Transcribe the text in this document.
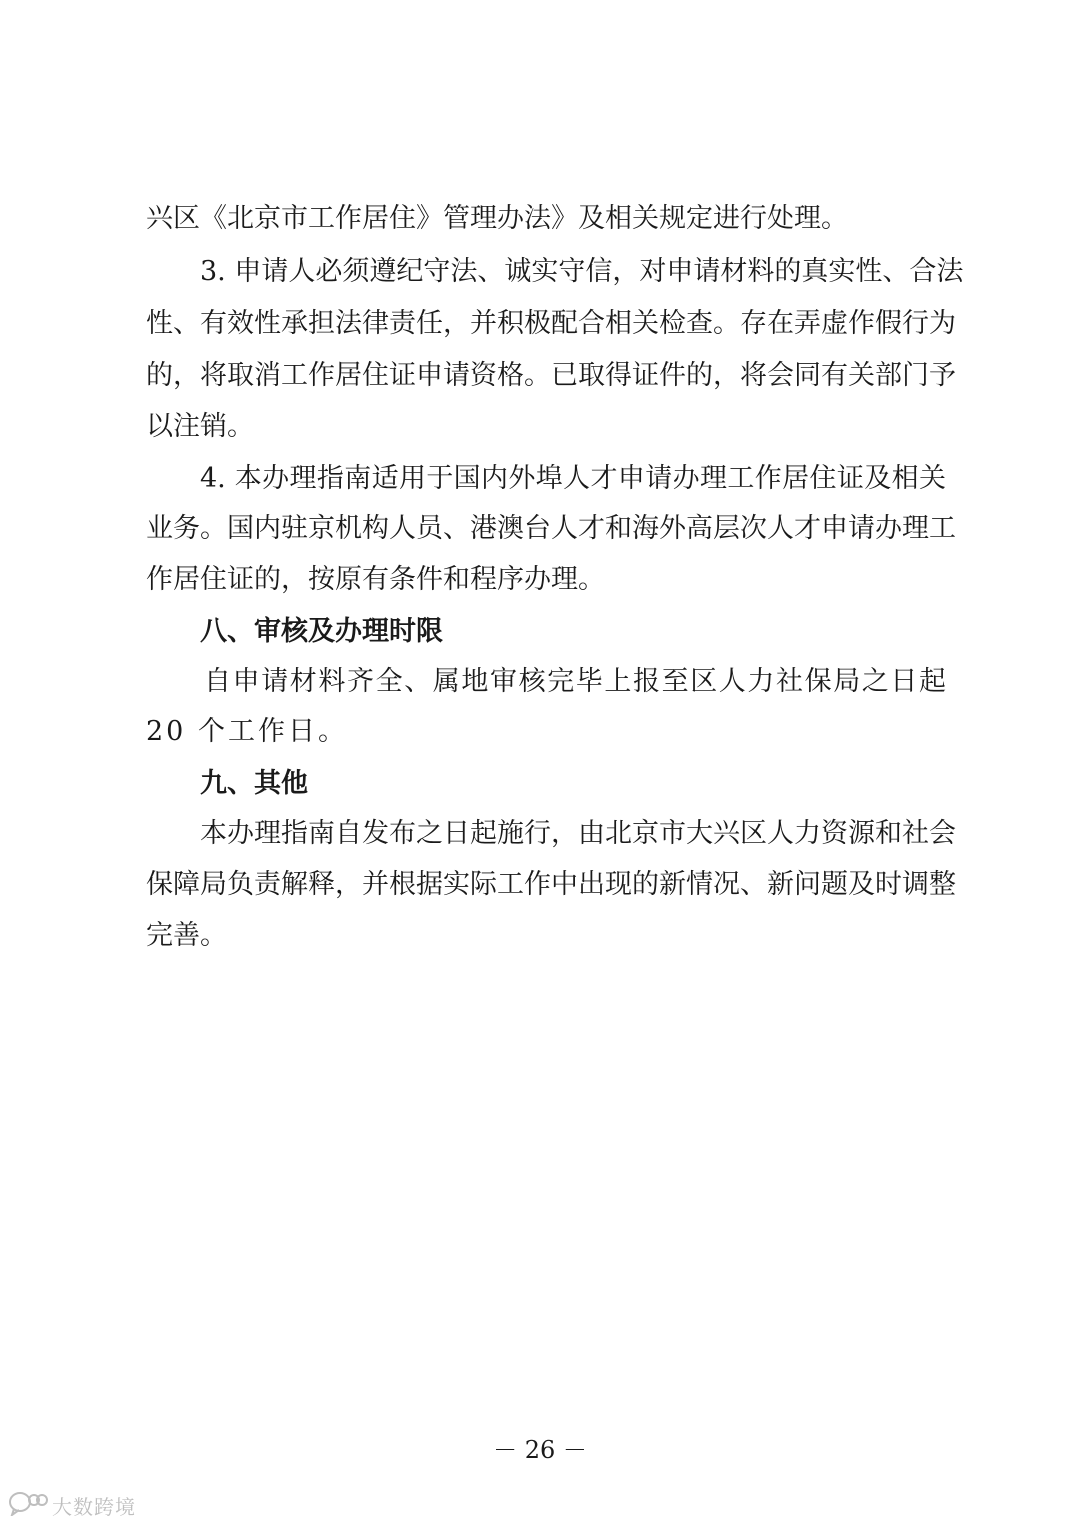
兴区《北京市工作居住》管理办法》及相关规定进行处理。
3. 申请人必须遵纪守法、诚实守信，对申请材料的真实性、合法
性、有效性承担法律责任，并积极配合相关检查。存在弄虚作假行为
的，将取消工作居住证申请资格。已取得证件的，将会同有关部门予
以注销。
4. 本办理指南适用于国内外埠人才申请办理工作居住证及相关
业务。国内驻京机构人员、港澳台人才和海外高层次人才申请办理工
作居住证的，按原有条件和程序办理。
八、审核及办理时限
自申请材料齐全、属地审核完毕上报至区人力社保局之日起
20 个工作日。
九、其他
本办理指南自发布之日起施行，由北京市大兴区人力资源和社会
保障局负责解释，并根据实际工作中出现的新情况、新问题及时调整
完善。
－ 26 －
大数跨境
